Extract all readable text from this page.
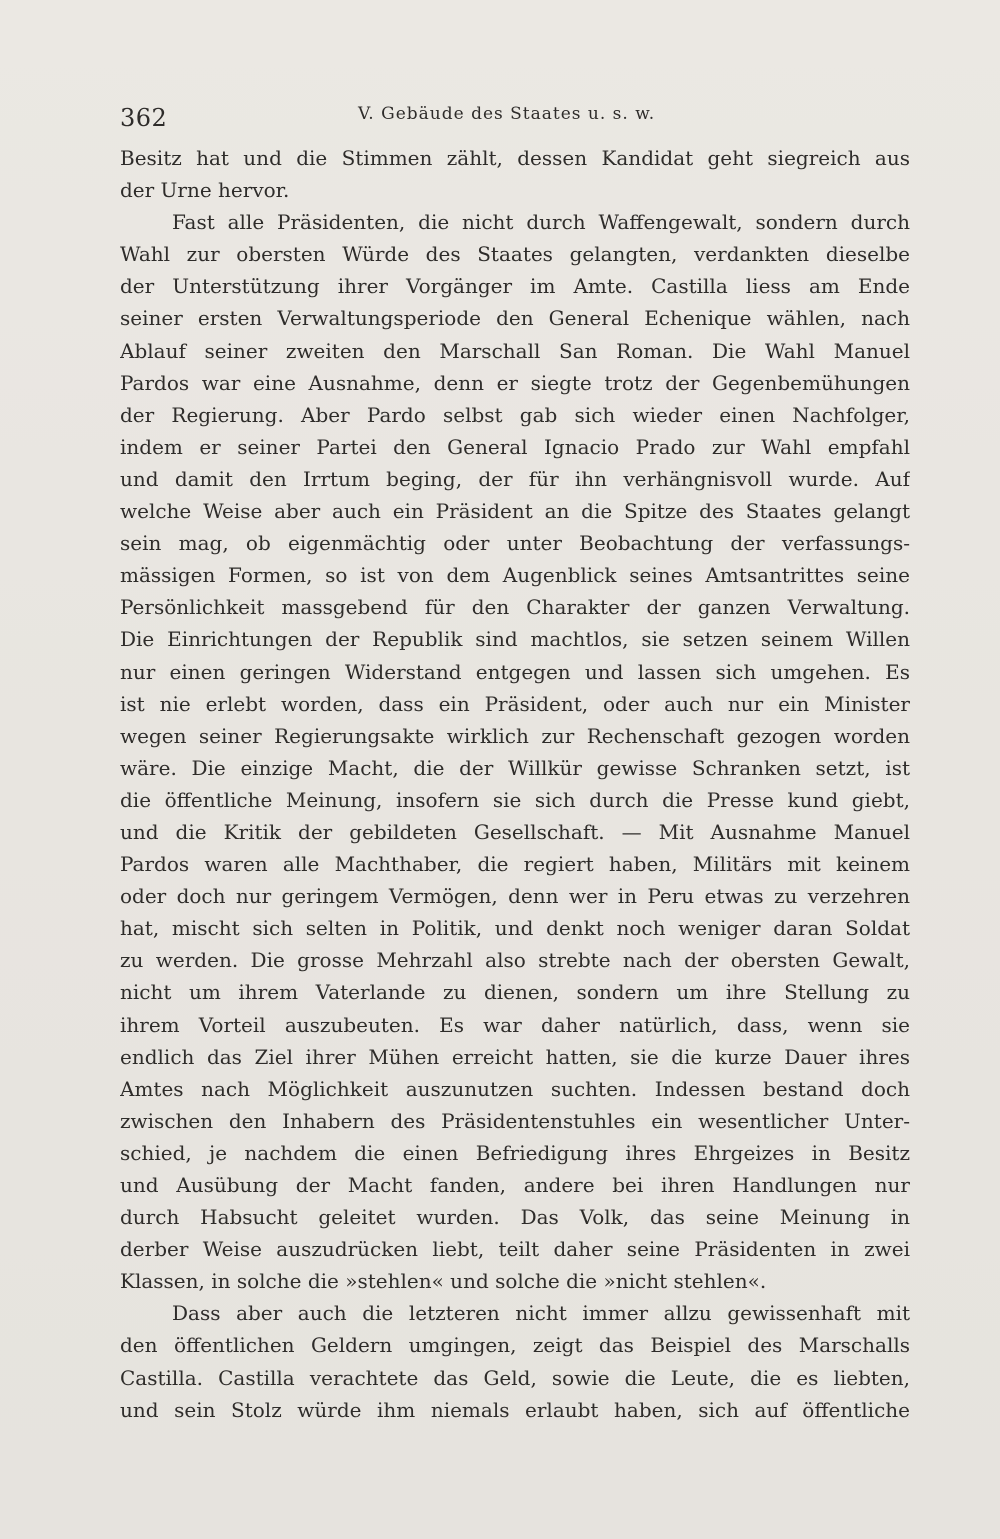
362	V. Gebäude des Staates u. s. w.
Besitz hat und die Stimmen zählt, dessen Kandidat geht siegreich aus
der Urne hervor.
Fast alle Präsidenten, die nicht durch Waffengewalt, sondern durch
Wahl zur obersten Würde des Staates gelangten, verdankten dieselbe
der Unterstützung ihrer Vorgänger im Amte. Castilla liess am Ende
seiner ersten Verwaltungsperiode den General Echenique wählen, nach
Ablauf seiner zweiten den Marschall San Roman. Die Wahl Manuel
Pardos war eine Ausnahme, denn er siegte trotz der Gegenbemühungen
der Regierung. Aber Pardo selbst gab sich wieder einen Nachfolger,
indem er seiner Partei den General Ignacio Prado zur Wahl empfahl
und damit den Irrtum beging, der für ihn verhängnisvoll wurde. Auf
welche Weise aber auch ein Präsident an die Spitze des Staates gelangt
sein mag, ob eigenmächtig oder unter Beobachtung der verfassungs-
mässigen Formen, so ist von dem Augenblick seines Amtsantrittes seine
Persönlichkeit massgebend für den Charakter der ganzen Verwaltung.
Die Einrichtungen der Republik sind machtlos, sie setzen seinem Willen
nur einen geringen Widerstand entgegen und lassen sich umgehen. Es
ist nie erlebt worden, dass ein Präsident, oder auch nur ein Minister
wegen seiner Regierungsakte wirklich zur Rechenschaft gezogen worden
wäre. Die einzige Macht, die der Willkür gewisse Schranken setzt, ist
die öffentliche Meinung, insofern sie sich durch die Presse kund giebt,
und die Kritik der gebildeten Gesellschaft. — Mit Ausnahme Manuel
Pardos waren alle Machthaber, die regiert haben, Militärs mit keinem
oder doch nur geringem Vermögen, denn wer in Peru etwas zu verzehren
hat, mischt sich selten in Politik, und denkt noch weniger daran Soldat
zu werden. Die grosse Mehrzahl also strebte nach der obersten Gewalt,
nicht um ihrem Vaterlande zu dienen, sondern um ihre Stellung zu
ihrem Vorteil auszubeuten. Es war daher natürlich, dass, wenn sie
endlich das Ziel ihrer Mühen erreicht hatten, sie die kurze Dauer ihres
Amtes nach Möglichkeit auszunutzen suchten. Indessen bestand doch
zwischen den Inhabern des Präsidentenstuhles ein wesentlicher Unter-
schied, je nachdem die einen Befriedigung ihres Ehrgeizes in Besitz
und Ausübung der Macht fanden, andere bei ihren Handlungen nur
durch Habsucht geleitet wurden. Das Volk, das seine Meinung in
derber Weise auszudrücken liebt, teilt daher seine Präsidenten in zwei
Klassen, in solche die »stehlen« und solche die »nicht stehlen«.
Dass aber auch die letzteren nicht immer allzu gewissenhaft mit
den öffentlichen Geldern umgingen, zeigt das Beispiel des Marschalls
Castilla. Castilla verachtete das Geld, sowie die Leute, die es liebten,
und sein Stolz würde ihm niemals erlaubt haben, sich auf öffentliche
